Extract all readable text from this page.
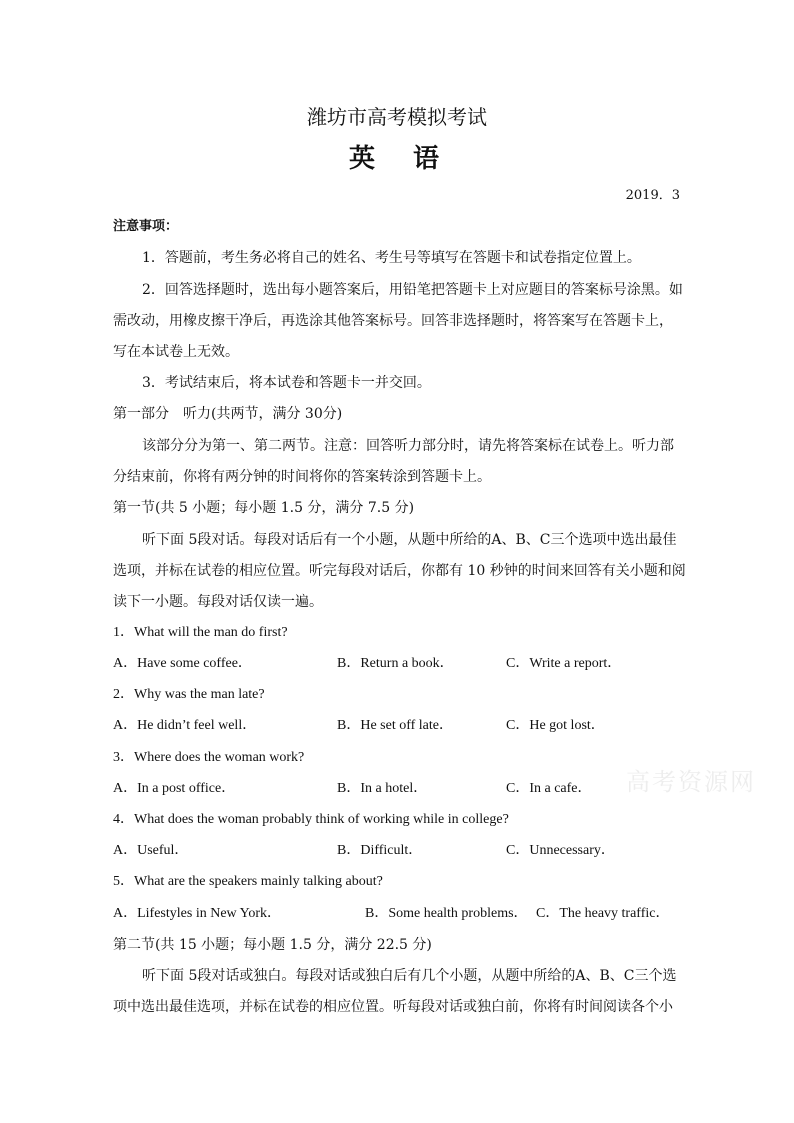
潍坊市高考模拟考试
英　语
2019．3
注意事项：
1．答题前，考生务必将自己的姓名、考生号等填写在答题卡和试卷指定位置上。
2．回答选择题时，选出每小题答案后，用铅笔把答题卡上对应题目的答案标号涂黑。如
需改动，用橡皮擦干净后，再选涂其他答案标号。回答非选择题时，将答案写在答题卡上，
写在本试卷上无效。
3．考试结束后，将本试卷和答题卡一并交回。
第一部分　听力(共两节，满分 30分)
该部分分为第一、第二两节。注意：回答听力部分时，请先将答案标在试卷上。听力部
分结束前，你将有两分钟的时间将你的答案转涂到答题卡上。
第一节(共 5 小题；每小题 1.5 分，满分 7.5 分)
听下面 5段对话。每段对话后有一个小题，从题中所给的A、B、C三个选项中选出最佳
选项，并标在试卷的相应位置。听完每段对话后，你都有 10 秒钟的时间来回答有关小题和阅
读下一小题。每段对话仅读一遍。
1．What will the man do first?
A．Have some coffee．	B．Return a book．	C．Write a report．
2．Why was the man late?
A．He didn’t feel well．	B．He set off late．	C．He got lost．
3．Where does the woman work?
A．In a post office．	B．In a hotel．	C．In a cafe．
4．What does the woman probably think of working while in college?
A．Useful．	B．Difficult．	C．Unnecessary．
5．What are the speakers mainly talking about?
A．Lifestyles in New York．	B．Some health problems． C．The heavy traffic．
第二节(共 15 小题；每小题 1.5 分，满分 22.5 分)
听下面 5段对话或独白。每段对话或独白后有几个小题，从题中所给的A、B、C三个选
项中选出最佳选项，并标在试卷的相应位置。听每段对话或独白前，你将有时间阅读各个小
高考资源网
